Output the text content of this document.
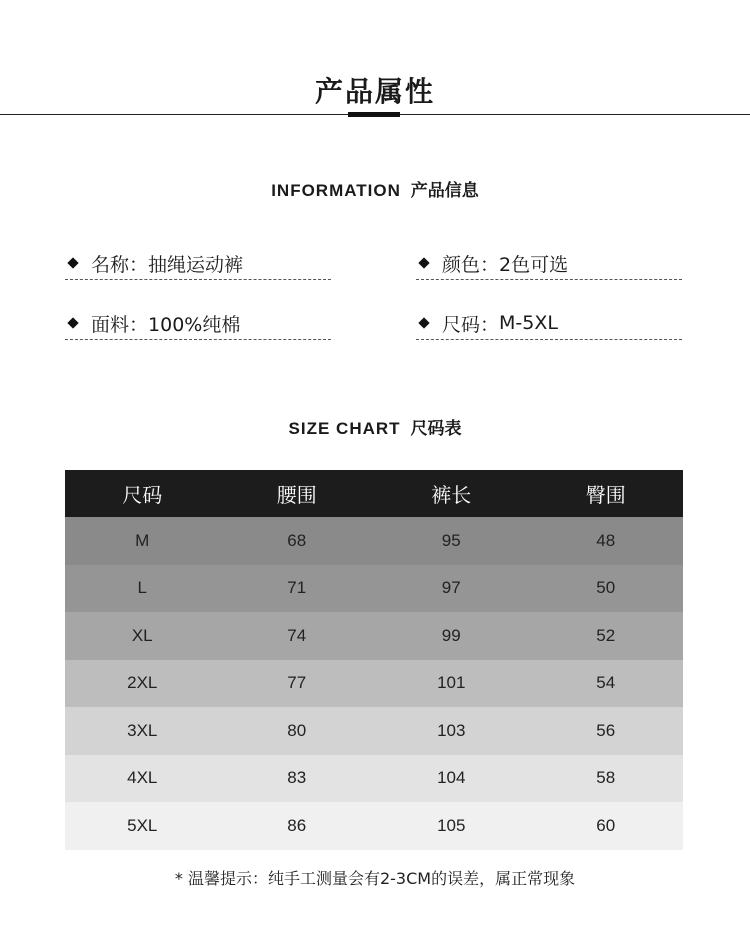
产品属性
INFORMATION 产品信息
名称： 抽绳运动裤	颜色： 2色可选
面料： 100%纯棉	尺码： M-5XL
SIZE CHART 尺码表
尺码	腰围	裤长	臀围
M	68	95	48
L	71	97	50
XL	74	99	52
2XL	77	101	54
3XL	80	103	56
4XL	83	104	58
5XL	86	105	60
* 温馨提示：纯手工测量会有2-3CM的误差，属正常现象
